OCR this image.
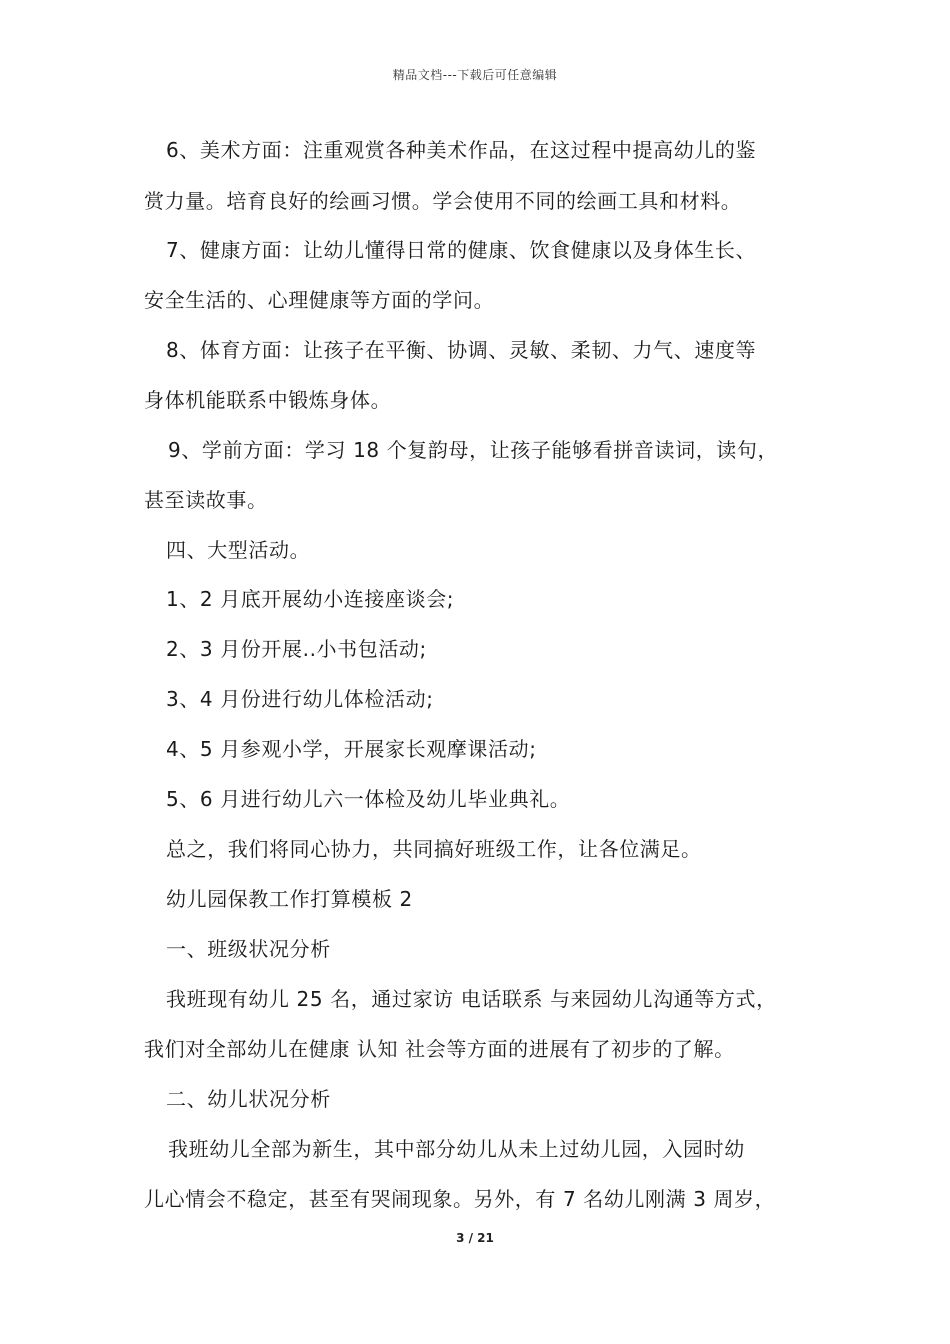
精品文档---下载后可任意编辑
6、美术方面：注重观赏各种美术作品，在这过程中提高幼儿的鉴
赏力量。培育良好的绘画习惯。学会使用不同的绘画工具和材料。
7、健康方面：让幼儿懂得日常的健康、饮食健康以及身体生长、
安全生活的、心理健康等方面的学问。
8、体育方面：让孩子在平衡、协调、灵敏、柔韧、力气、速度等
身体机能联系中锻炼身体。
9、学前方面：学习 18 个复韵母，让孩子能够看拼音读词，读句，
甚至读故事。
四、大型活动。
1、2 月底开展幼小连接座谈会;
2、3 月份开展..小书包活动;
3、4 月份进行幼儿体检活动;
4、5 月参观小学，开展家长观摩课活动;
5、6 月进行幼儿六一体检及幼儿毕业典礼。
总之，我们将同心协力，共同搞好班级工作，让各位满足。
幼儿园保教工作打算模板 2
一、班级状况分析
我班现有幼儿 25 名，通过家访 电话联系 与来园幼儿沟通等方式，
我们对全部幼儿在健康 认知 社会等方面的进展有了初步的了解。
二、幼儿状况分析
我班幼儿全部为新生，其中部分幼儿从未上过幼儿园，入园时幼
儿心情会不稳定，甚至有哭闹现象。另外，有 7 名幼儿刚满 3 周岁，
3 / 21
